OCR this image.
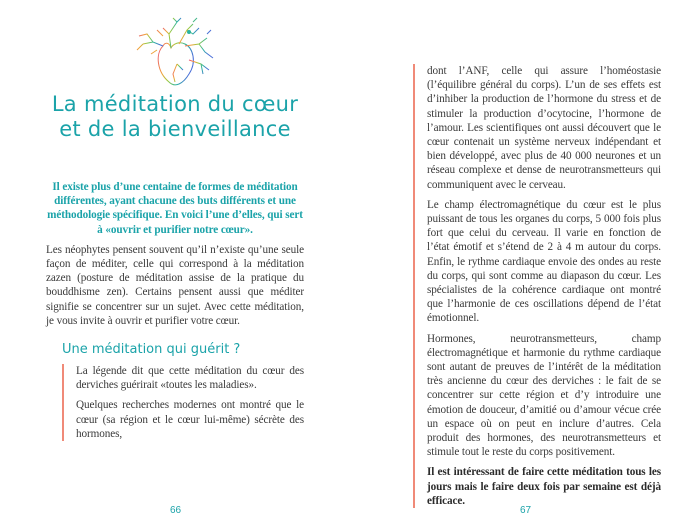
La méditation du cœur
et de la bienveillance
Il existe plus d’une centaine de formes de méditation différentes, ayant chacune des buts différents et une méthodologie spécifique. En voici l’une d’elles, qui sert à «ouvrir et purifier notre cœur».

Les néophytes pensent souvent qu’il n’existe qu’une seule façon de méditer, celle qui correspond à la méditation zazen (posture de méditation assise de la pratique du bouddhisme zen). Certains pensent aussi que méditer signifie se concentrer sur un sujet. Avec cette méditation, je vous invite à ouvrir et purifier votre cœur.

Une méditation qui guérit ?

La légende dit que cette méditation du cœur des derviches guérirait «toutes les maladies».

Quelques recherches modernes ont montré que le cœur (sa région et le cœur lui-même) sécrète des hormones,

66

dont l’ANF, celle qui assure l’homéostasie (l’équilibre général du corps). L’un de ses effets est d’inhiber la production de l’hormone du stress et de stimuler la production d’ocytocine, l’hormone de l’amour. Les scientifiques ont aussi découvert que le cœur contenait un système nerveux indépendant et bien développé, avec plus de 40 000 neurones et un réseau complexe et dense de neurotransmetteurs qui communiquent avec le cerveau.

Le champ électromagnétique du cœur est le plus puissant de tous les organes du corps, 5 000 fois plus fort que celui du cerveau. Il varie en fonction de l’état émotif et s’étend de 2 à 4 m autour du corps. Enfin, le rythme cardiaque envoie des ondes au reste du corps, qui sont comme au diapason du cœur. Les spécialistes de la cohérence cardiaque ont montré que l’harmonie de ces oscillations dépend de l’état émotionnel.

Hormones, neurotransmetteurs, champ électromagnétique et harmonie du rythme cardiaque sont autant de preuves de l’intérêt de la méditation très ancienne du cœur des derviches : le fait de se concentrer sur cette région et d’y introduire une émotion de douceur, d’amitié ou d’amour vécue crée un espace où on peut en inclure d’autres. Cela produit des hormones, des neurotransmetteurs et stimule tout le reste du corps positivement.

Il est intéressant de faire cette méditation tous les jours mais le faire deux fois par semaine est déjà efficace.

67
